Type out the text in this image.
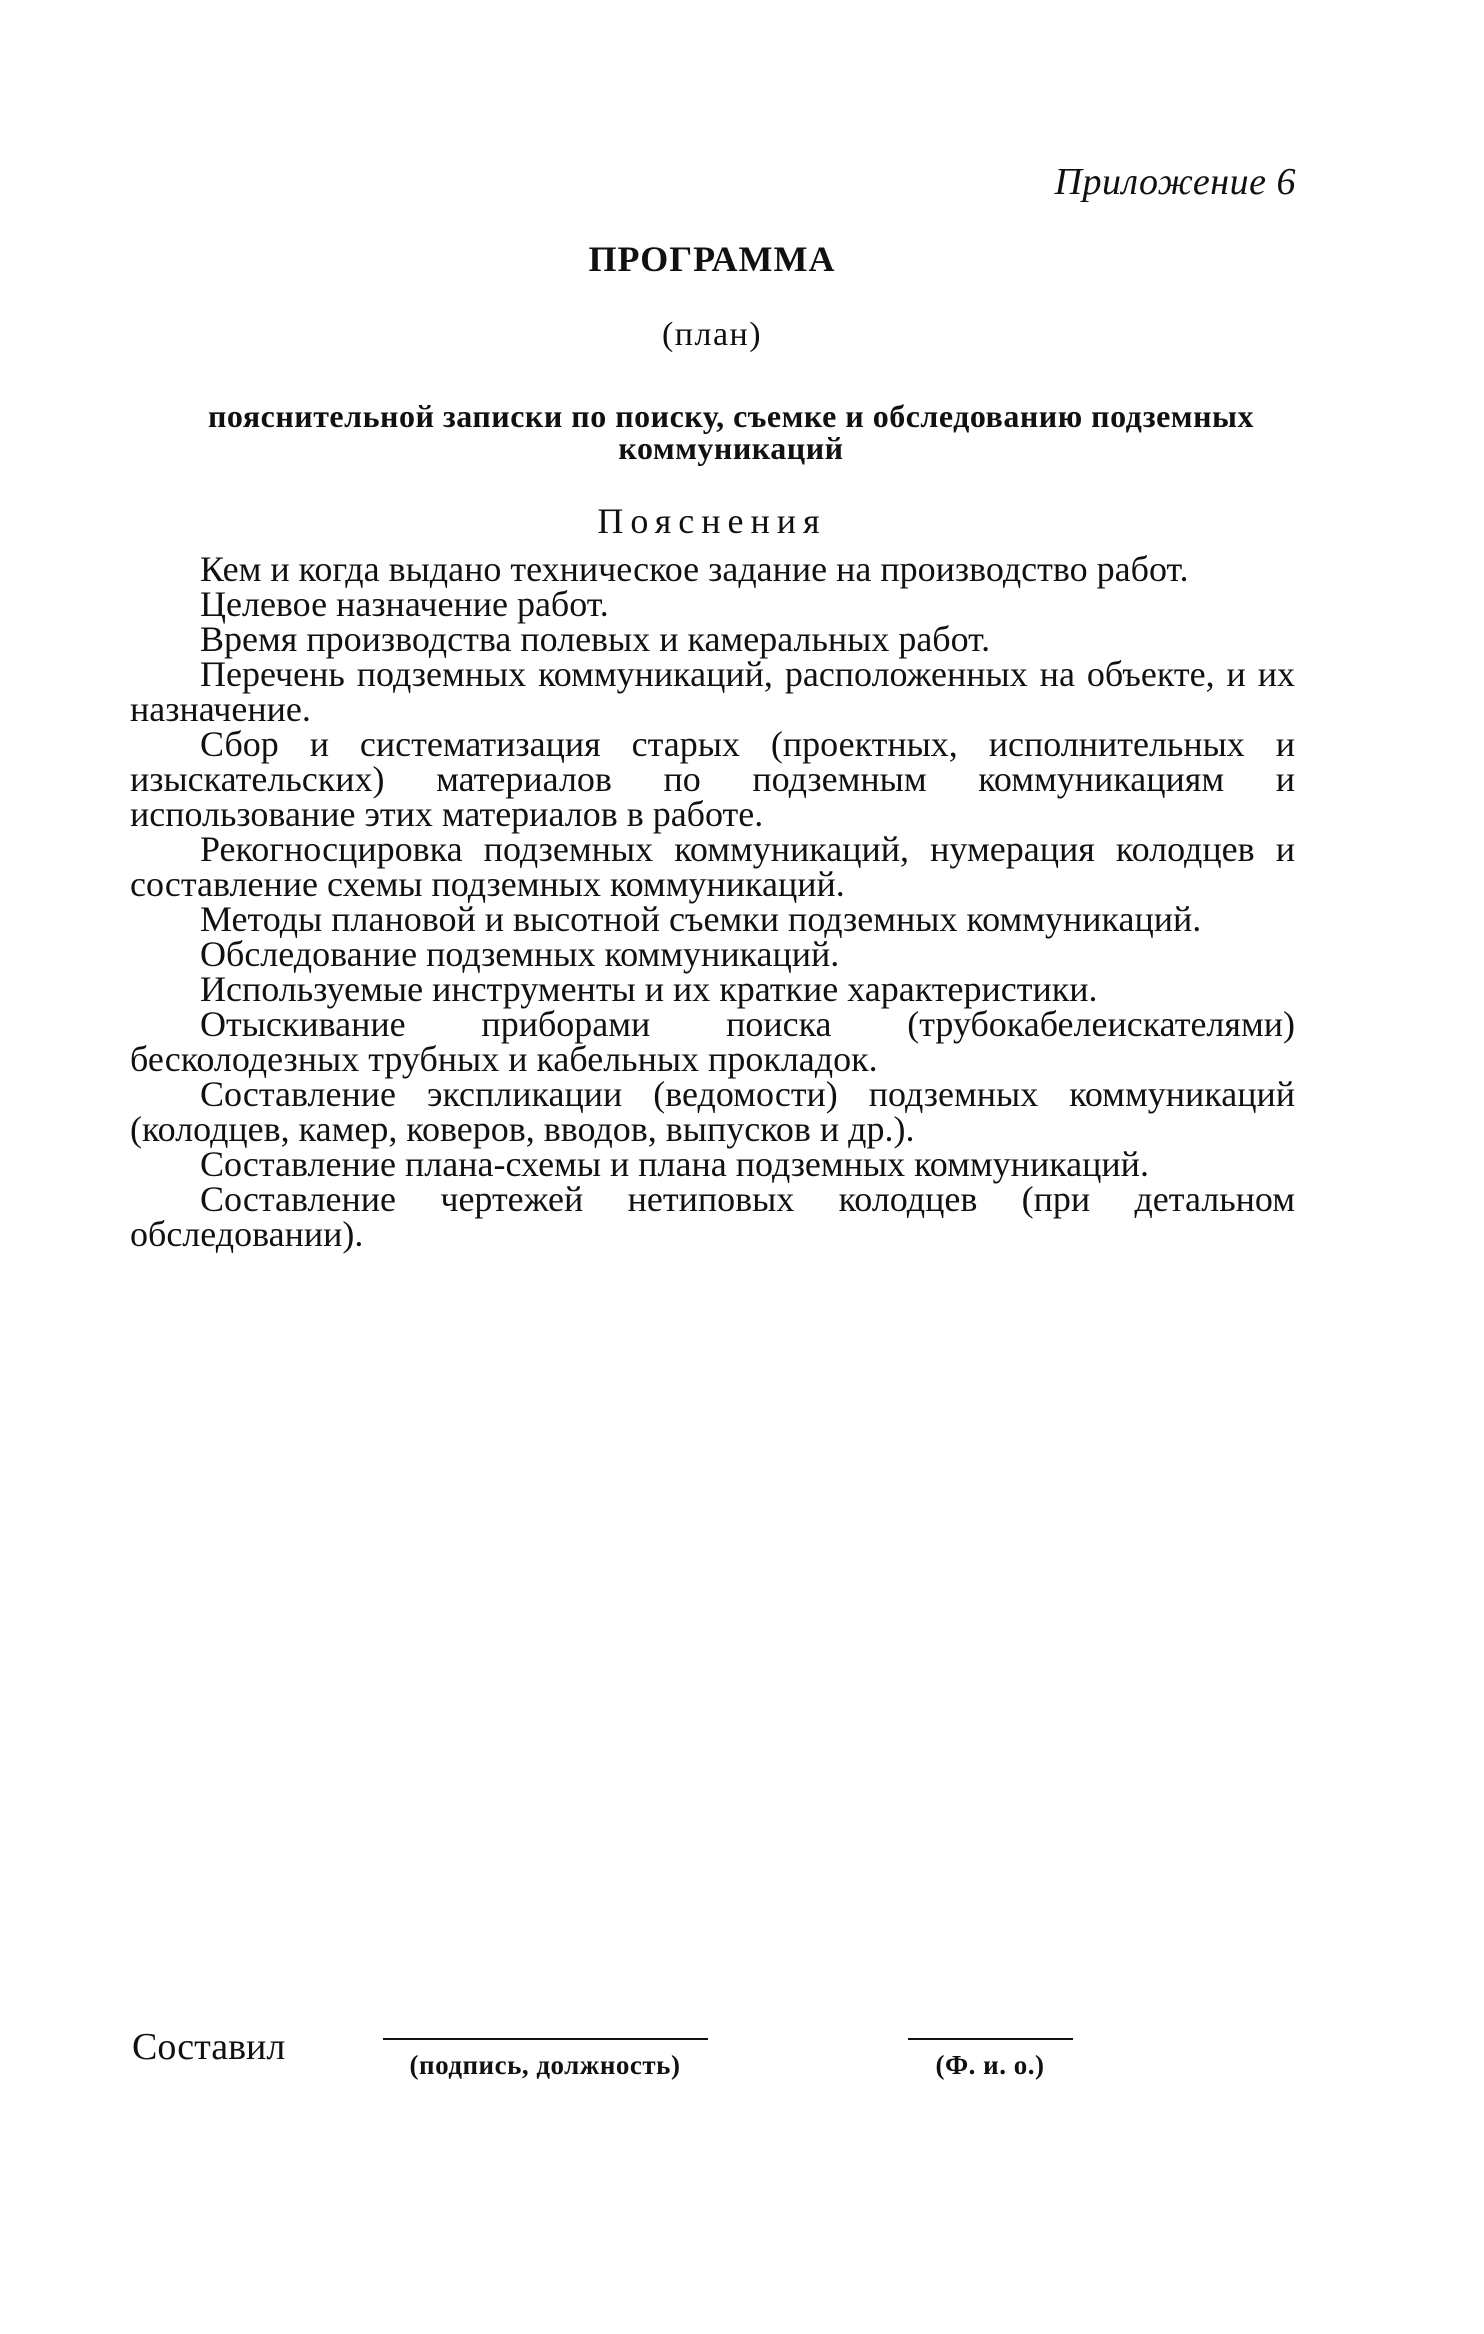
Приложение 6
ПРОГРАММА
(план)
пояснительной записки по поиску, съемке и обследованию подземных коммуникаций
Пояснения

Кем и когда выдано техническое задание на производство работ.

Целевое назначение работ.

Время производства полевых и камеральных работ.

Перечень подземных коммуникаций, расположенных на объекте, и их назначение.

Сбор и систематизация старых (проектных, исполнительных и изыскательских) материалов по подземным коммуникациям и использование этих материалов в работе.

Рекогносцировка подземных коммуникаций, нумерация колодцев и составление схемы подземных коммуникаций.

Методы плановой и высотной съемки подземных коммуникаций.

Обследование подземных коммуникаций.

Используемые инструменты и их краткие характеристики.

Отыскивание приборами поиска (трубокабелеискателями) бесколодезных трубных и кабельных прокладок.

Составление экспликации (ведомости) подземных коммуникаций (колодцев, камер, коверов, вводов, выпусков и др.).

Составление плана-схемы и плана подземных коммуникаций.

Составление чертежей нетиповых колодцев (при детальном обследовании).

Составил	(подпись, должность)	(Ф. и. о.)
